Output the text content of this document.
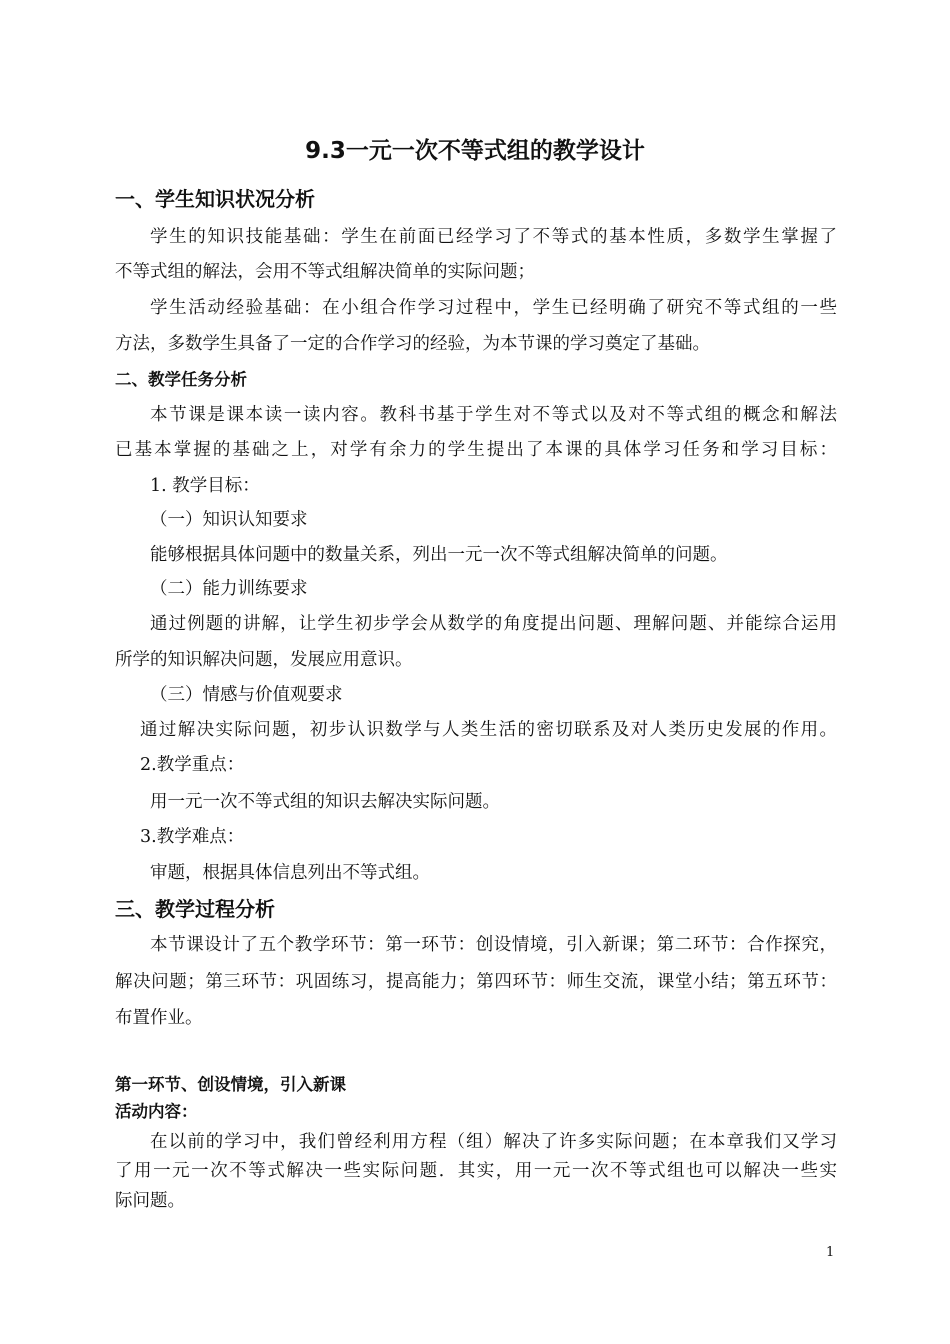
9.3一元一次不等式组的教学设计
一、学生知识状况分析
学生的知识技能基础：学生在前面已经学习了不等式的基本性质，多数学生掌握了
不等式组的解法，会用不等式组解决简单的实际问题；
学生活动经验基础：在小组合作学习过程中，学生已经明确了研究不等式组的一些
方法，多数学生具备了一定的合作学习的经验，为本节课的学习奠定了基础。
二、教学任务分析
本节课是课本读一读内容。教科书基于学生对不等式以及对不等式组的概念和解法
已基本掌握的基础之上，对学有余力的学生提出了本课的具体学习任务和学习目标：
1. 教学目标：
（一）知识认知要求
能够根据具体问题中的数量关系，列出一元一次不等式组解决简单的问题。
（二）能力训练要求
通过例题的讲解，让学生初步学会从数学的角度提出问题、理解问题、并能综合运用
所学的知识解决问题，发展应用意识。
（三）情感与价值观要求
通过解决实际问题，初步认识数学与人类生活的密切联系及对人类历史发展的作用。
2.教学重点：
用一元一次不等式组的知识去解决实际问题。
3.教学难点：
审题，根据具体信息列出不等式组。
三、教学过程分析
本节课设计了五个教学环节：第一环节：创设情境，引入新课；第二环节：合作探究，
解决问题；第三环节：巩固练习，提高能力；第四环节：师生交流，课堂小结；第五环节：
布置作业。
第一环节、创设情境，引入新课
活动内容：
在以前的学习中，我们曾经利用方程（组）解决了许多实际问题；在本章我们又学习
了用一元一次不等式解决一些实际问题．其实，用一元一次不等式组也可以解决一些实
际问题。
1
